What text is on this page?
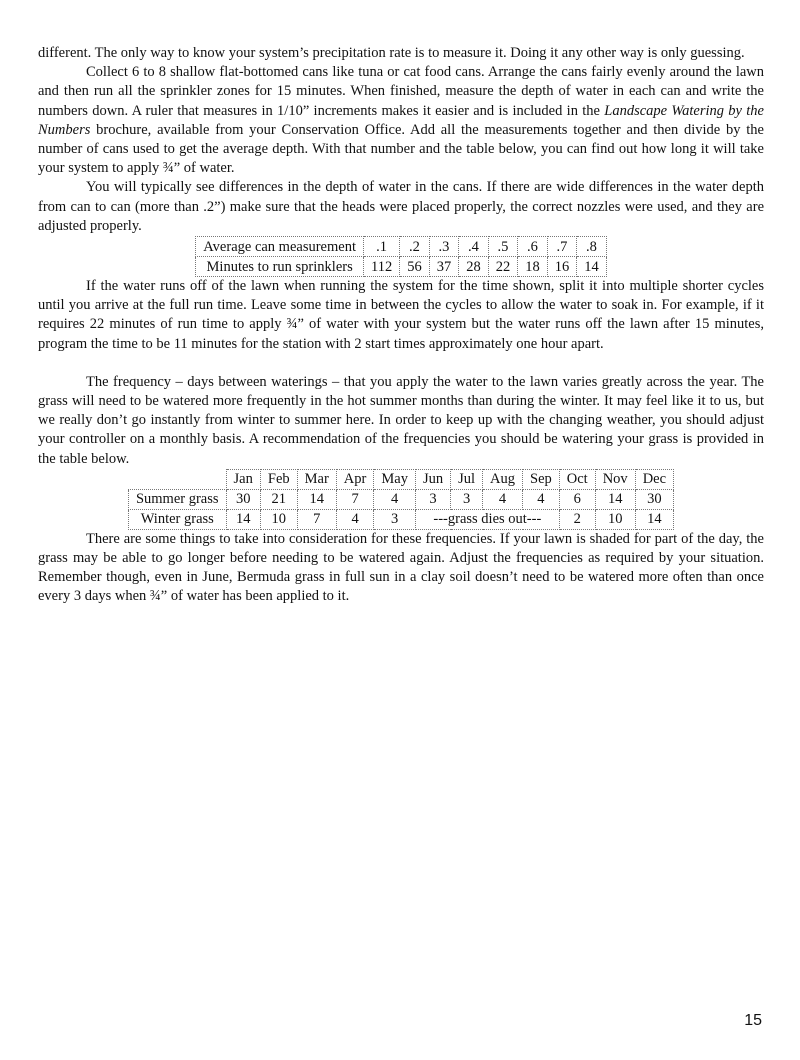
different. The only way to know your system’s precipitation rate is to measure it. Doing it any other way is only guessing.

Collect 6 to 8 shallow flat-bottomed cans like tuna or cat food cans. Arrange the cans fairly evenly around the lawn and then run all the sprinkler zones for 15 minutes. When finished, measure the depth of water in each can and write the numbers down. A ruler that measures in 1/10” increments makes it easier and is included in the Landscape Watering by the Numbers brochure, available from your Conservation Office. Add all the measurements together and then divide by the number of cans used to get the average depth. With that number and the table below, you can find out how long it will take your system to apply ¾” of water.

You will typically see differences in the depth of water in the cans. If there are wide differences in the water depth from can to can (more than .2”) make sure that the heads were placed properly, the correct nozzles were used, and they are adjusted properly.

Average can measurement	.1	.2	.3	.4	.5	.6	.7	.8
Minutes to run sprinklers	112	56	37	28	22	18	16	14

If the water runs off of the lawn when running the system for the time shown, split it into multiple shorter cycles until you arrive at the full run time. Leave some time in between the cycles to allow the water to soak in. For example, if it requires 22 minutes of run time to apply ¾” of water with your system but the water runs off the lawn after 15 minutes, program the time to be 11 minutes for the station with 2 start times approximately one hour apart.

The frequency – days between waterings – that you apply the water to the lawn varies greatly across the year. The grass will need to be watered more frequently in the hot summer months than during the winter. It may feel like it to us, but we really don’t go instantly from winter to summer here. In order to keep up with the changing weather, you should adjust your controller on a monthly basis. A recommendation of the frequencies you should be watering your grass is provided in the table below.

	Jan	Feb	Mar	Apr	May	Jun	Jul	Aug	Sep	Oct	Nov	Dec
Summer grass	30	21	14	7	4	3	3	4	4	6	14	30
Winter grass	14	10	7	4	3	---grass dies out---				2	10	14

There are some things to take into consideration for these frequencies. If your lawn is shaded for part of the day, the grass may be able to go longer before needing to be watered again. Adjust the frequencies as required by your situation. Remember though, even in June, Bermuda grass in full sun in a clay soil doesn’t need to be watered more often than once every 3 days when ¾” of water has been applied to it.

15
